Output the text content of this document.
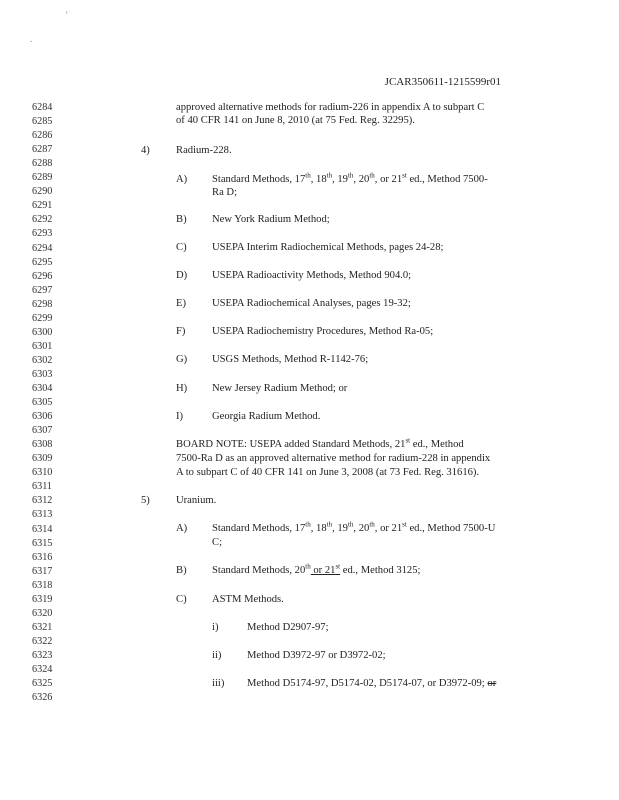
'
.
JCAR350611-1215599r01
6284
6285
6286
6287
6288
6289
6290
6291
6292
6293
6294
6295
6296
6297
6298
6299
6300
6301
6302
6303
6304
6305
6306
6307
6308
6309
6310
6311
6312
6313
6314
6315
6316
6317
6318
6319
6320
6321
6322
6323
6324
6325
6326
approved alternative methods for radium-226 in appendix A to subpart C
of 40 CFR 141 on June 8, 2010 (at 75 Fed. Reg. 32295).
4) Radium-228.
A) Standard Methods, 17th, 18th, 19th, 20th, or 21st ed., Method 7500-
Ra D;
B) New York Radium Method;
C) USEPA Interim Radiochemical Methods, pages 24-28;
D) USEPA Radioactivity Methods, Method 904.0;
E) USEPA Radiochemical Analyses, pages 19-32;
F)	USEPA Radiochemistry Procedures, Method Ra-05;
G) USGS Methods, Method R-1142-76;
H) New Jersey Radium Method; or
I)	Georgia Radium Method.
BOARD NOTE: USEPA added Standard Methods, 21st ed., Method
7500-Ra D as an approved alternative method for radium-228 in appendix
A to subpart C of 40 CFR 141 on June 3, 2008 (at 73 Fed. Reg. 31616).
5) Uranium.
A) Standard Methods, 17th, 18th, 19th, 20th, or 21st ed., Method 7500-U
C;
B) Standard Methods, 20th or 21st ed., Method 3125;
C) ASTM Methods.
i)	Method D2907-97;
ii) Method D3972-97 or D3972-02;
iii) Method D5174-97, D5174-02, D5174-07, or D3972-09; or
